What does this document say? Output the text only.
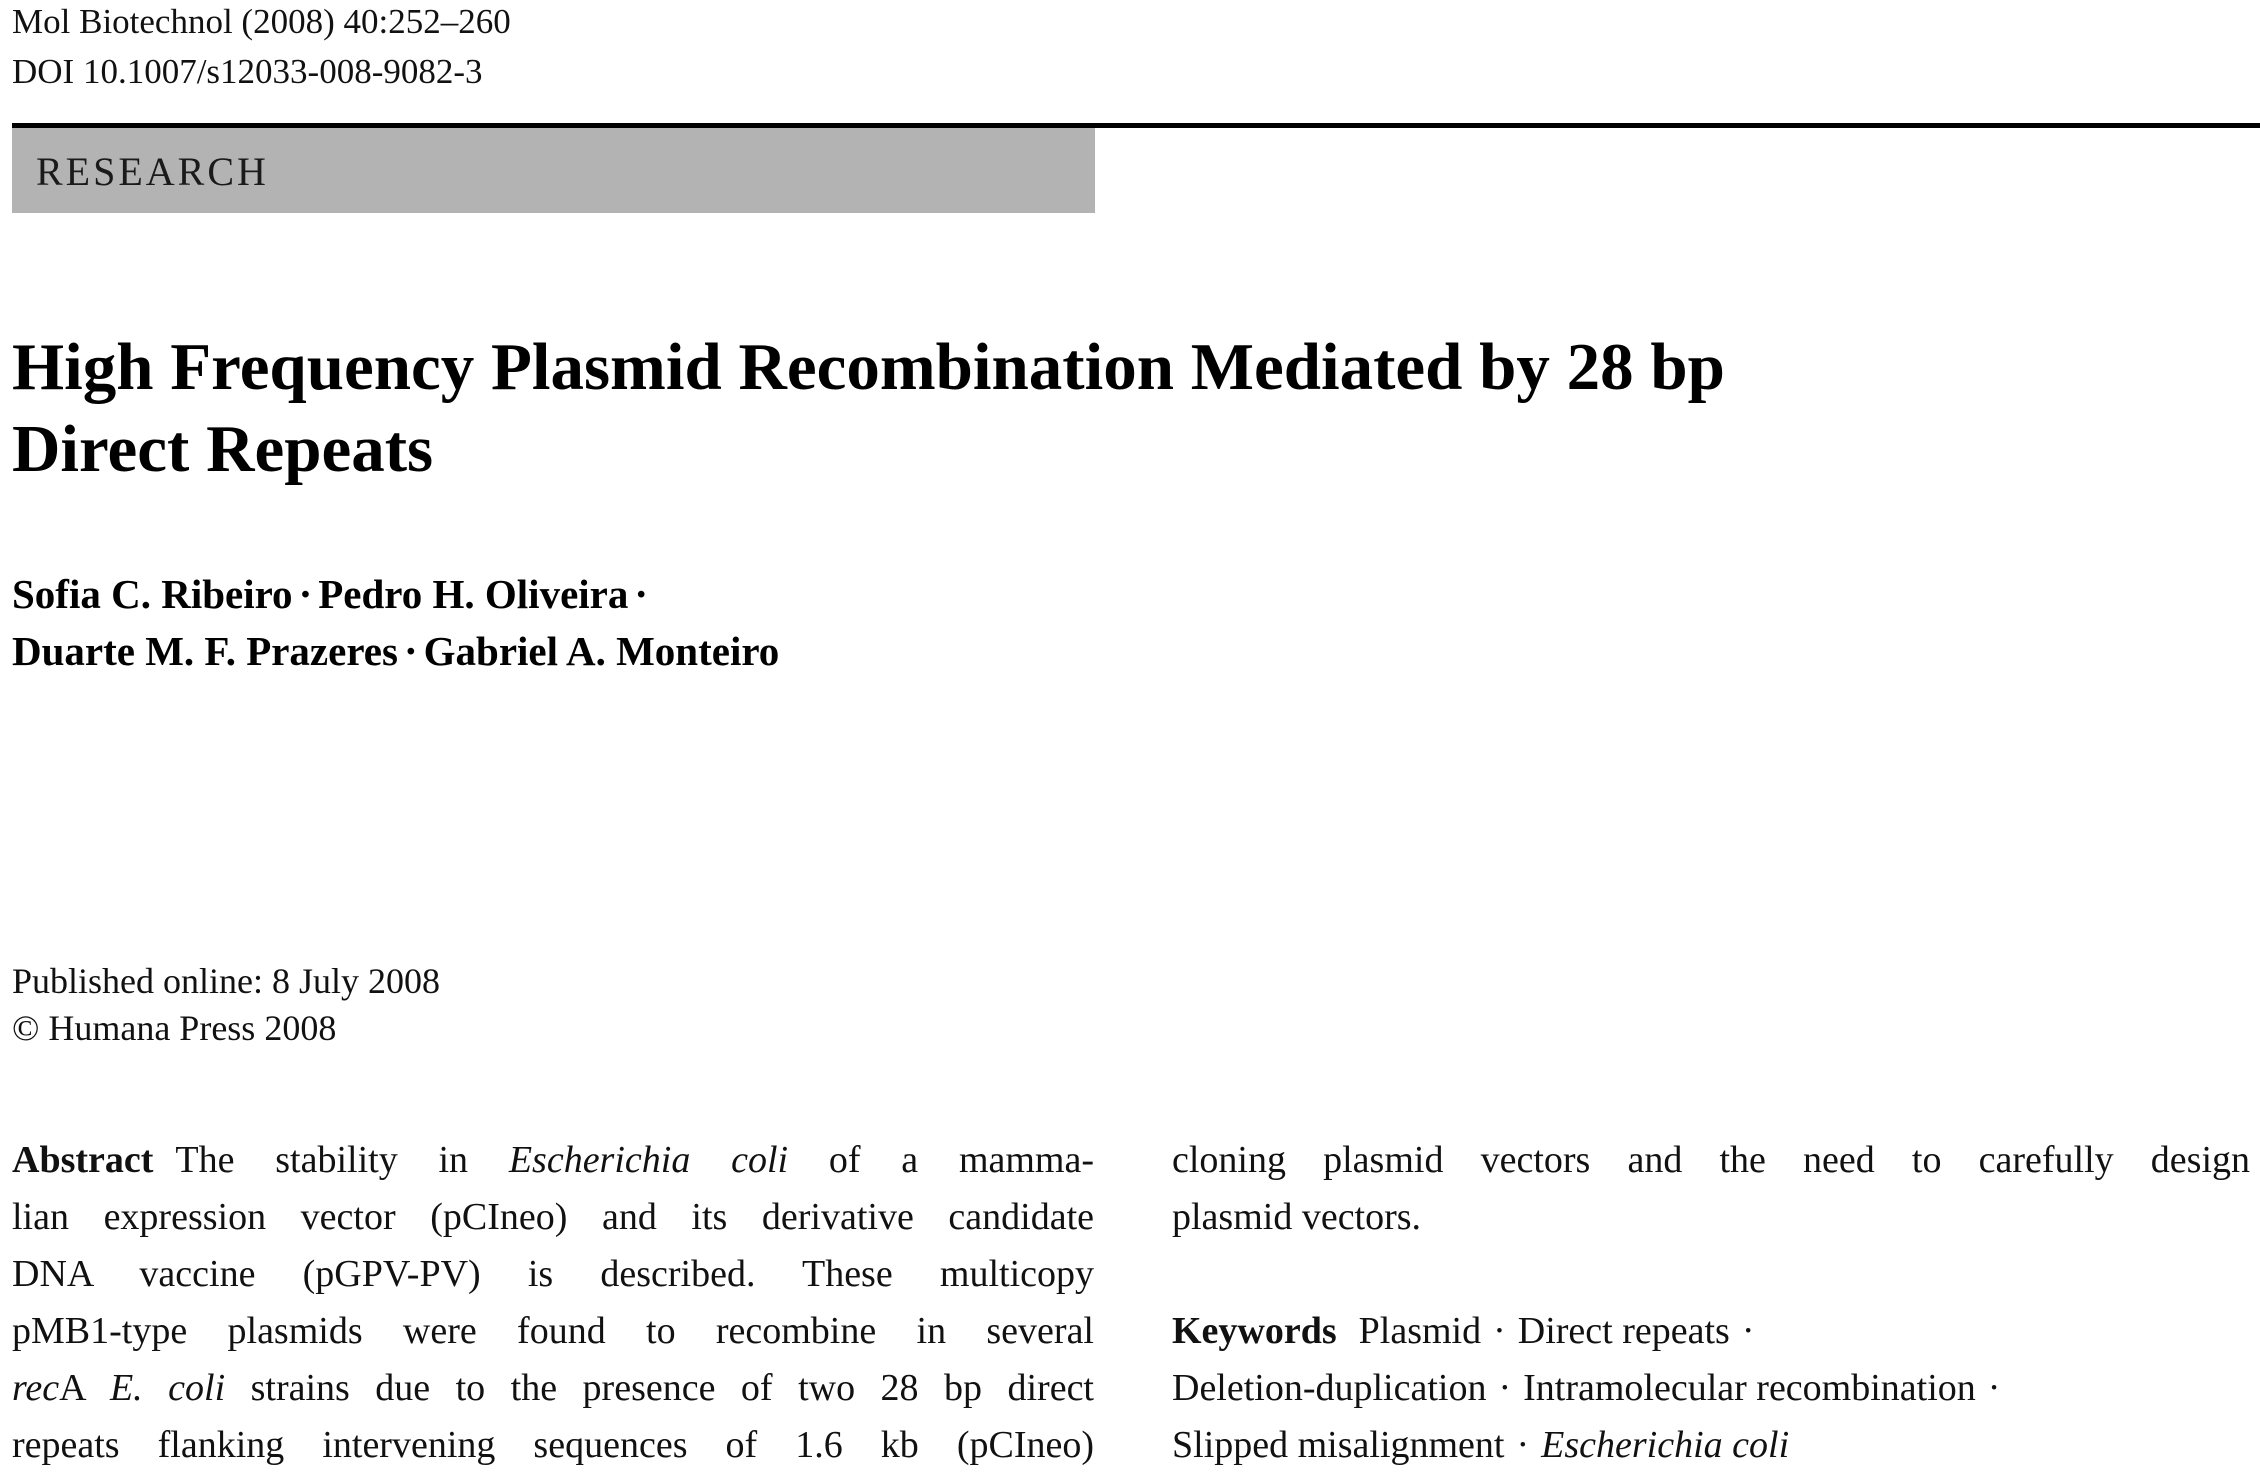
Mol Biotechnol (2008) 40:252–260
DOI 10.1007/s12033-008-9082-3
RESEARCH
High Frequency Plasmid Recombination Mediated by 28 bp
Direct Repeats
Sofia C. Ribeiro · Pedro H. Oliveira ·
Duarte M. F. Prazeres · Gabriel A. Monteiro
Published online: 8 July 2008
© Humana Press 2008
Abstract The stability in Escherichia coli of a mamma-
lian expression vector (pCIneo) and its derivative candidate
DNA vaccine (pGPV-PV) is described. These multicopy
pMB1-type plasmids were found to recombine in several
recA E. coli strains due to the presence of two 28 bp direct
repeats flanking intervening sequences of 1.6 kb (pCIneo)
cloning plasmid vectors and the need to carefully design
plasmid vectors.
Keywords Plasmid · Direct repeats ·
Deletion-duplication · Intramolecular recombination ·
Slipped misalignment · Escherichia coli
